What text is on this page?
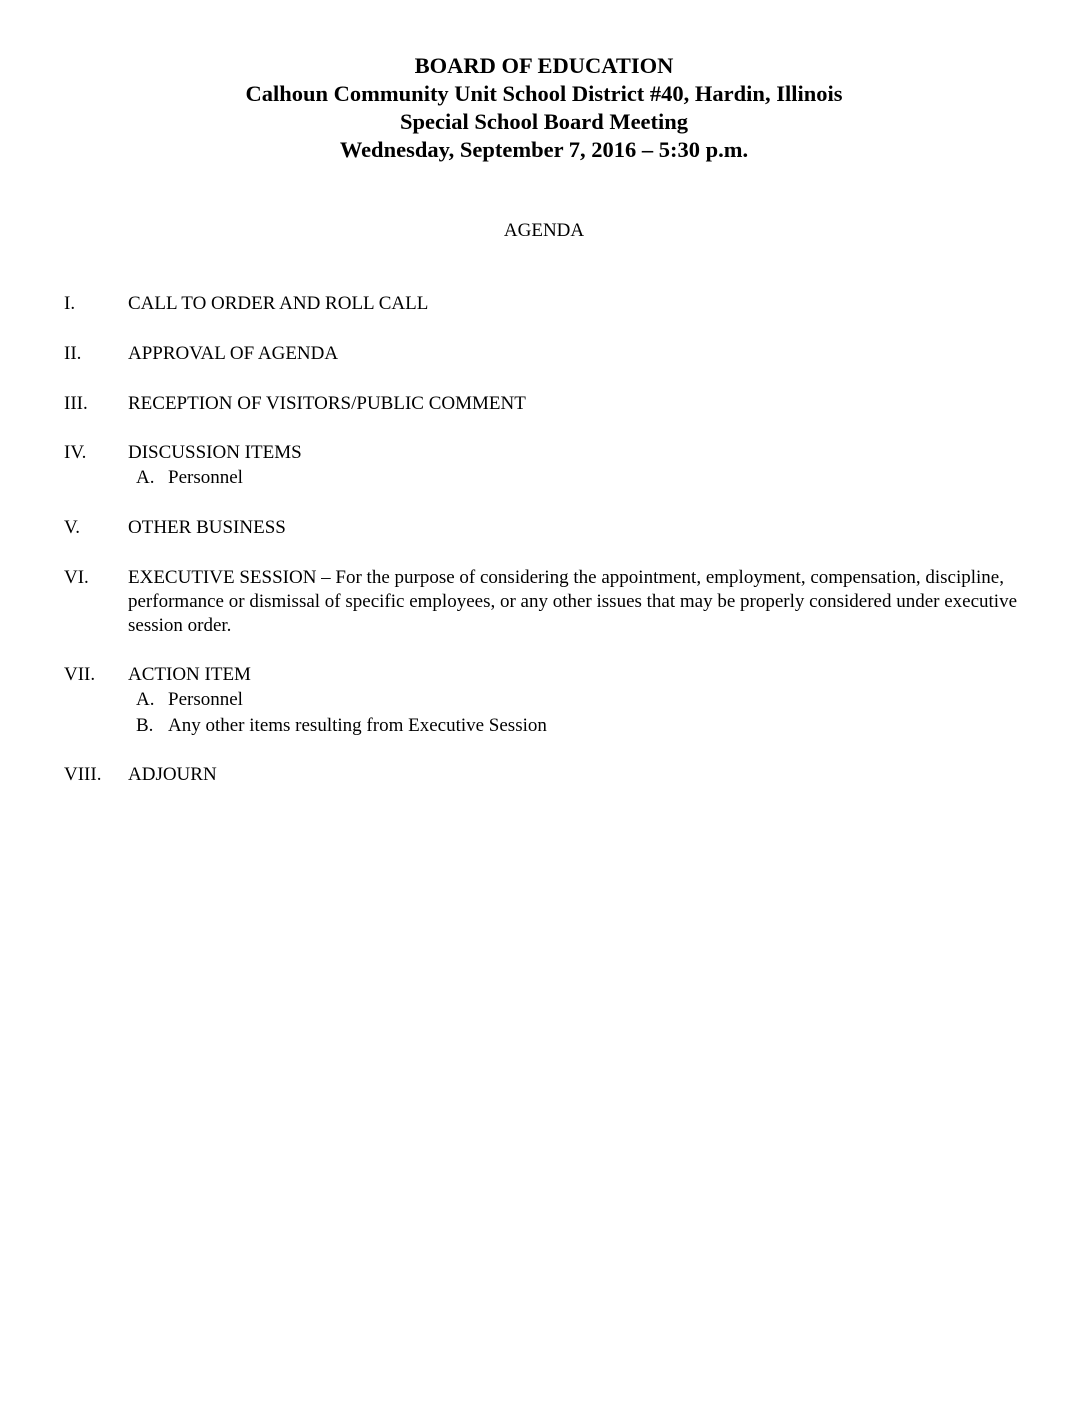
BOARD OF EDUCATION
Calhoun Community Unit School District #40, Hardin, Illinois
Special School Board Meeting
Wednesday, September 7, 2016 – 5:30 p.m.
AGENDA
I.	CALL TO ORDER AND ROLL CALL
II.	APPROVAL OF AGENDA
III.	RECEPTION OF VISITORS/PUBLIC COMMENT
IV.	DISCUSSION ITEMS
A. Personnel
V.	OTHER BUSINESS
VI.	EXECUTIVE SESSION – For the purpose of considering the appointment, employment, compensation, discipline, performance or dismissal of specific employees, or any other issues that may be properly considered under executive session order.
VII.	ACTION ITEM
A. Personnel
B. Any other items resulting from Executive Session
VIII.	ADJOURN
